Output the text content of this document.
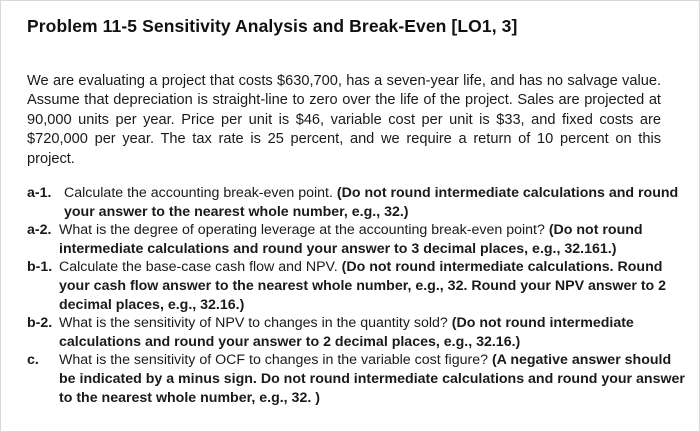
Problem 11-5 Sensitivity Analysis and Break-Even [LO1, 3]

We are evaluating a project that costs $630,700, has a seven-year life, and has no salvage value. Assume that depreciation is straight-line to zero over the life of the project. Sales are projected at 90,000 units per year. Price per unit is $46, variable cost per unit is $33, and fixed costs are $720,000 per year. The tax rate is 25 percent, and we require a return of 10 percent on this project.

a-1. Calculate the accounting break-even point. (Do not round intermediate calculations and round your answer to the nearest whole number, e.g., 32.)
a-2. What is the degree of operating leverage at the accounting break-even point? (Do not round intermediate calculations and round your answer to 3 decimal places, e.g., 32.161.)
b-1. Calculate the base-case cash flow and NPV. (Do not round intermediate calculations. Round your cash flow answer to the nearest whole number, e.g., 32. Round your NPV answer to 2 decimal places, e.g., 32.16.)
b-2. What is the sensitivity of NPV to changes in the quantity sold? (Do not round intermediate calculations and round your answer to 2 decimal places, e.g., 32.16.)
c.	What is the sensitivity of OCF to changes in the variable cost figure? (A negative answer should be indicated by a minus sign. Do not round intermediate calculations and round your answer to the nearest whole number, e.g., 32. )
